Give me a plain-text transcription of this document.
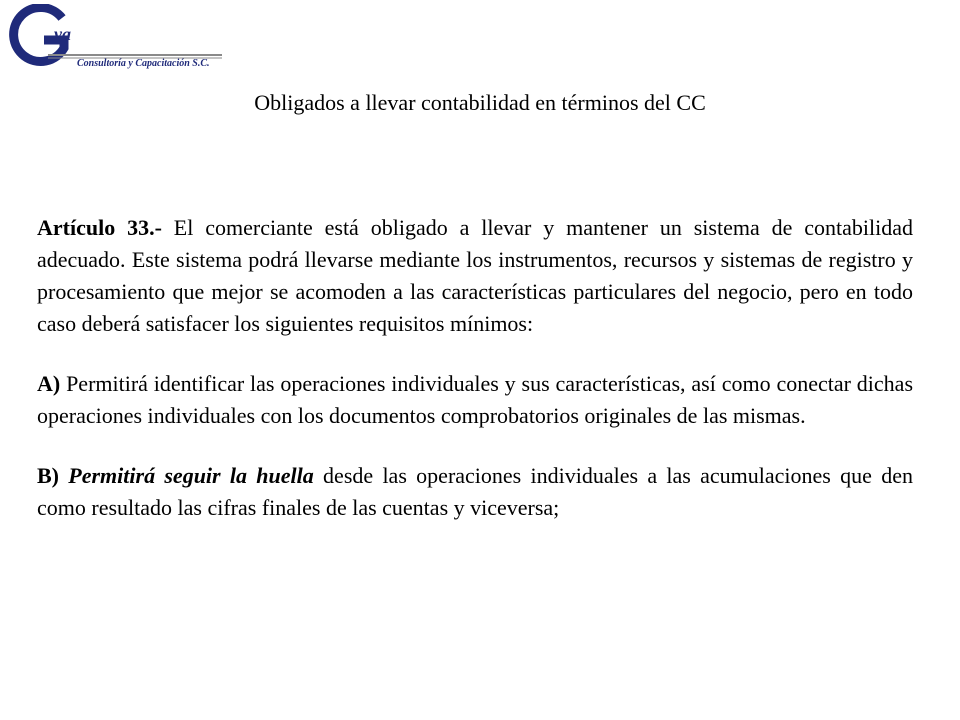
va
Consultoría y Capacitación S.C.
Obligados a llevar contabilidad en términos del CC

Artículo 33.- El comerciante está obligado a llevar y mantener un sistema de contabilidad adecuado. Este sistema podrá llevarse mediante los instrumentos, recursos y sistemas de registro y procesamiento que mejor se acomoden a las características particulares del negocio, pero en todo caso deberá satisfacer los siguientes requisitos mínimos:

A) Permitirá identificar las operaciones individuales y sus características, así como conectar dichas operaciones individuales con los documentos comprobatorios originales de las mismas.

B) Permitirá seguir la huella desde las operaciones individuales a las acumulaciones que den como resultado las cifras finales de las cuentas y viceversa;
